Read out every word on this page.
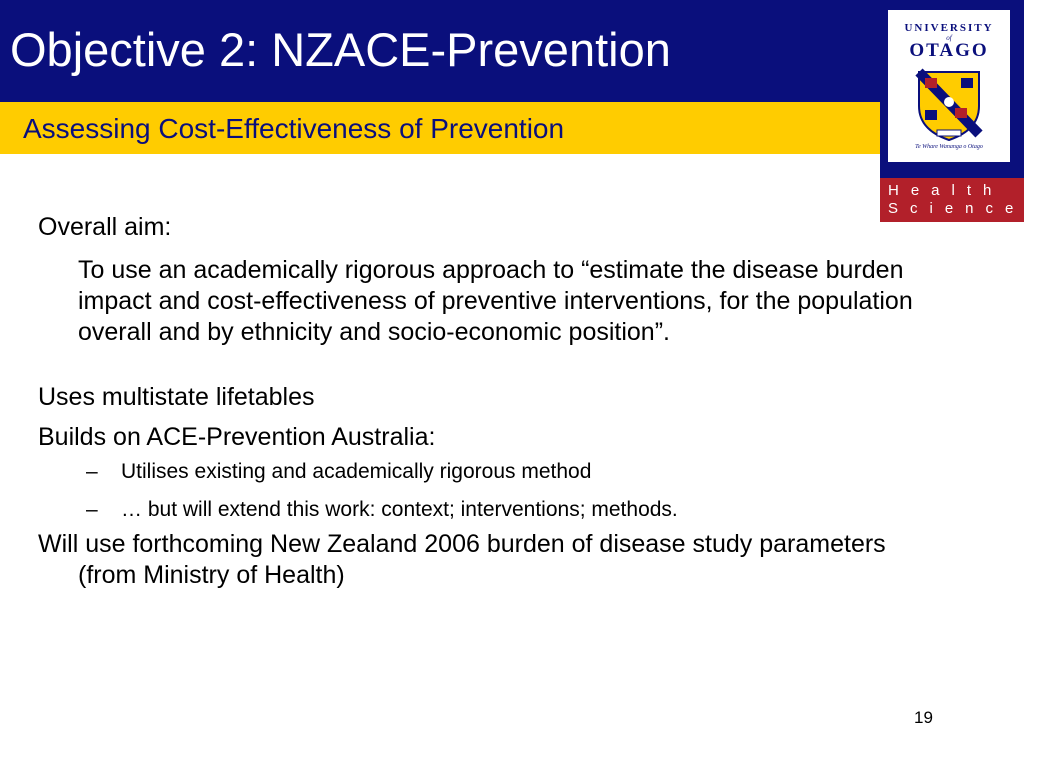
Objective 2: NZACE-Prevention
Assessing Cost-Effectiveness of Prevention
UNIVERSITY
of
OTAGO
Te Whare Wananga o Otago
Health
Sciences

Overall aim:

To use an academically rigorous approach to “estimate the disease burden impact and cost-effectiveness of preventive interventions, for the population overall and by ethnicity and socio-economic position”.

Uses multistate lifetables

Builds on ACE-Prevention Australia:

– Utilises existing and academically rigorous method
– … but will extend this work: context; interventions; methods.

Will use forthcoming New Zealand 2006 burden of disease study parameters (from Ministry of Health)

19
